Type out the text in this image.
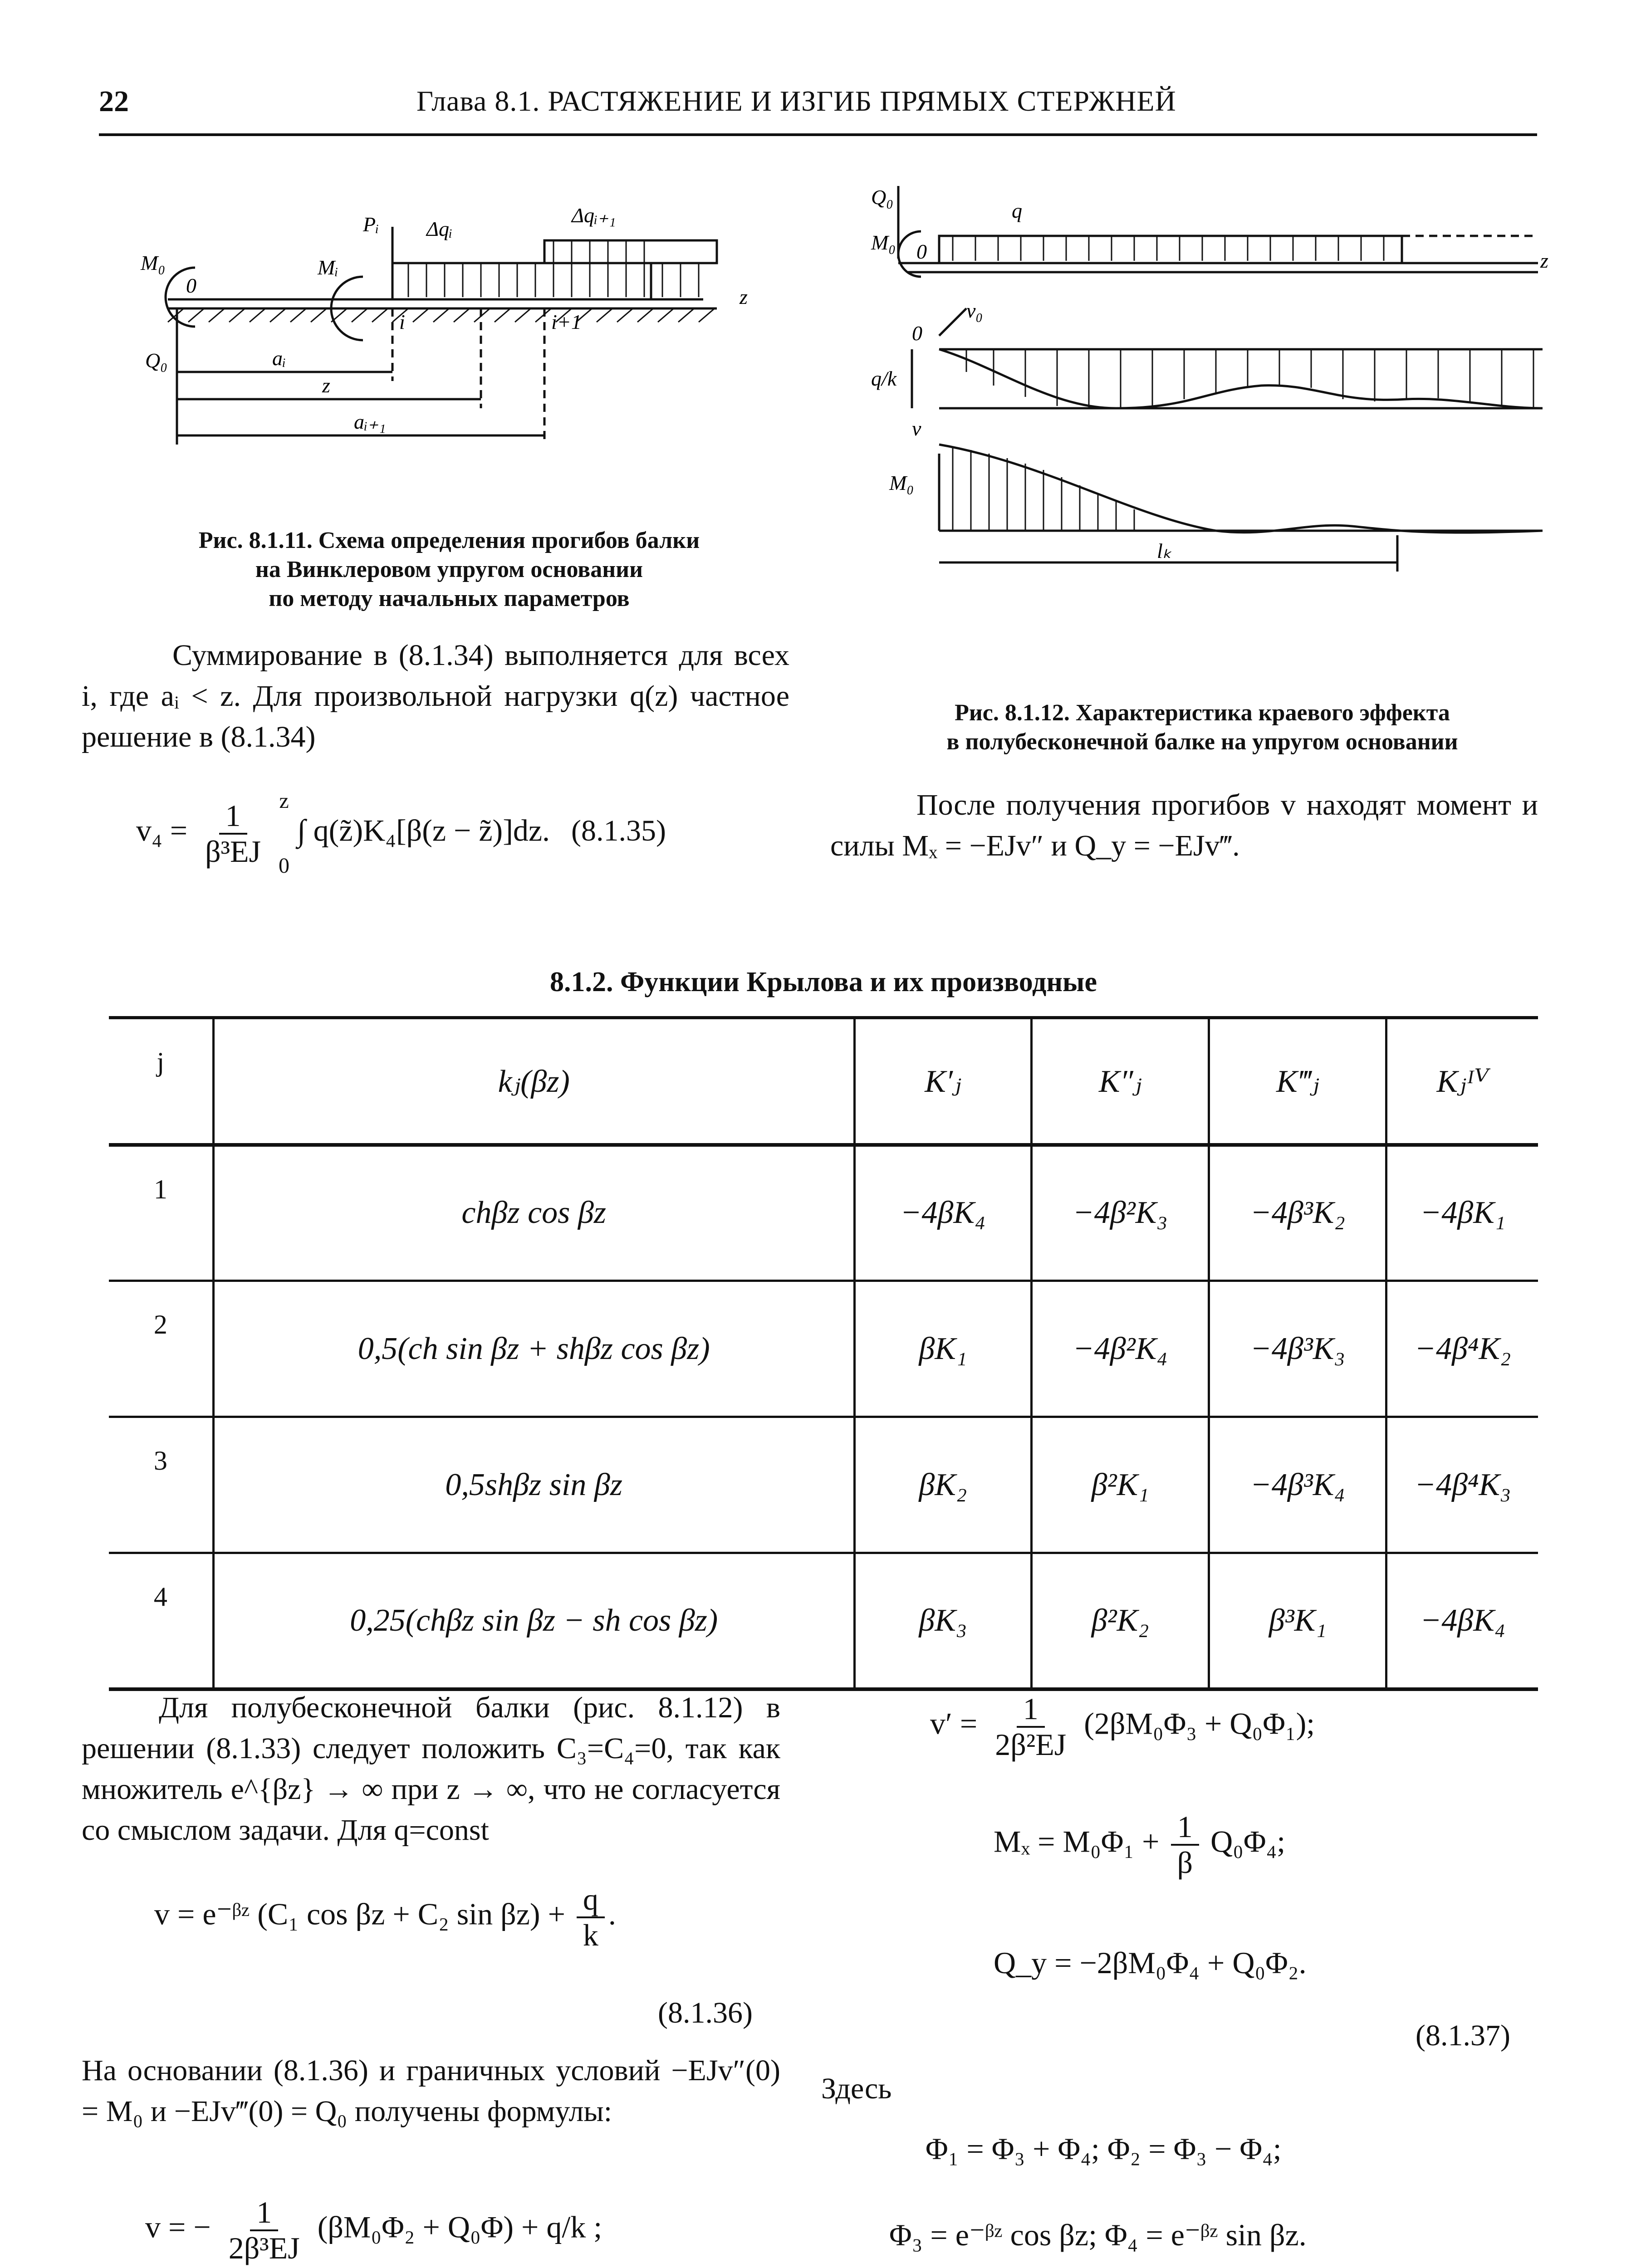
22	Глава 8.1. РАСТЯЖЕНИЕ И ИЗГИБ ПРЯМЫХ СТЕРЖНЕЙ
Pᵢ Δqᵢ
Δqᵢ₊₁
M₀	Mᵢ
0	z
i	i+1
Q₀	aᵢ
z
aᵢ₊₁
Рис. 8.1.11. Схема определения прогибов балки
на Винклеровом упругом основании
по методу начальных параметров
Q₀
q
M₀ 0	z
0
v₀
q/k
v
M₀
lₖ
Рис. 8.1.12. Характеристика краевого эффекта
в полубесконечной балке на упругом основании
Суммирование в (8.1.34) выполняется для всех i, где aᵢ < z. Для произвольной нагрузки q(z) частное решение в (8.1.34)
$v_4 = \frac{1}{\text{β³EJ}}$
z
0
∫ q(z̃)K₄[β(z − z̃)]dz. (8.1.35)
После получения прогибов v находят момент и силы Mₓ = −EJv″ и Q_y = −EJv‴.
8.1.2. Функции Крылова и их производные
j	kⱼ(βz)	K′ⱼ	K″ⱼ	K‴ⱼ	Kⱼᴵⱽ
1	chβz cos βz	−4βK₄	−4β²K₃	−4β³K₂	−4βK₁
2	0,5(ch sin βz + shβz cos βz)	βK₁	−4β²K₄	−4β³K₃	−4β⁴K₂
3	0,5shβz sin βz	βK₂	β²K₁	−4β³K₄	−4β⁴K₃
4	0,25(chβz sin βz − sh cos βz)	βK₃	β²K₂	β³K₁	−4βK₄
Для полубесконечной балки (рис. 8.1.12) в решении (8.1.33) следует положить C₃=C₄=0, так как множитель e^{βz} → ∞ при z → ∞, что не согласуется со смыслом задачи. Для q=const
v = e⁻ᵝᶻ (C₁ cos βz + C₂ $\sin \beta z) + \frac{q}{k}$ .
(8.1.36)
На основании (8.1.36) и граничных условий −EJv″(0) = M₀ и −EJv‴(0) = Q₀ получены формулы:
v = − $\frac{1}{\text{2β³EJ}} (\beta M_0\Phi_2 + Q_0\Phi) + q/k$ ;
$v' = \frac{1}{\text{2β²EJ}} (2\beta M_0\Phi_3 + Q_0\Phi_1)$;
$M_x = M_0\Phi_1 + \frac{1}{\beta} Q_0\Phi_4$;
Q_y = −2βM₀Φ₄ + Q₀Φ₂.
(8.1.37)
Здесь
Φ₁ = Φ₃ + Φ₄; Φ₂ = Φ₃ − Φ₄;
Φ₃ = e⁻ᵝᶻ cos βz; Φ₄ = e⁻ᵝᶻ sin βz.
